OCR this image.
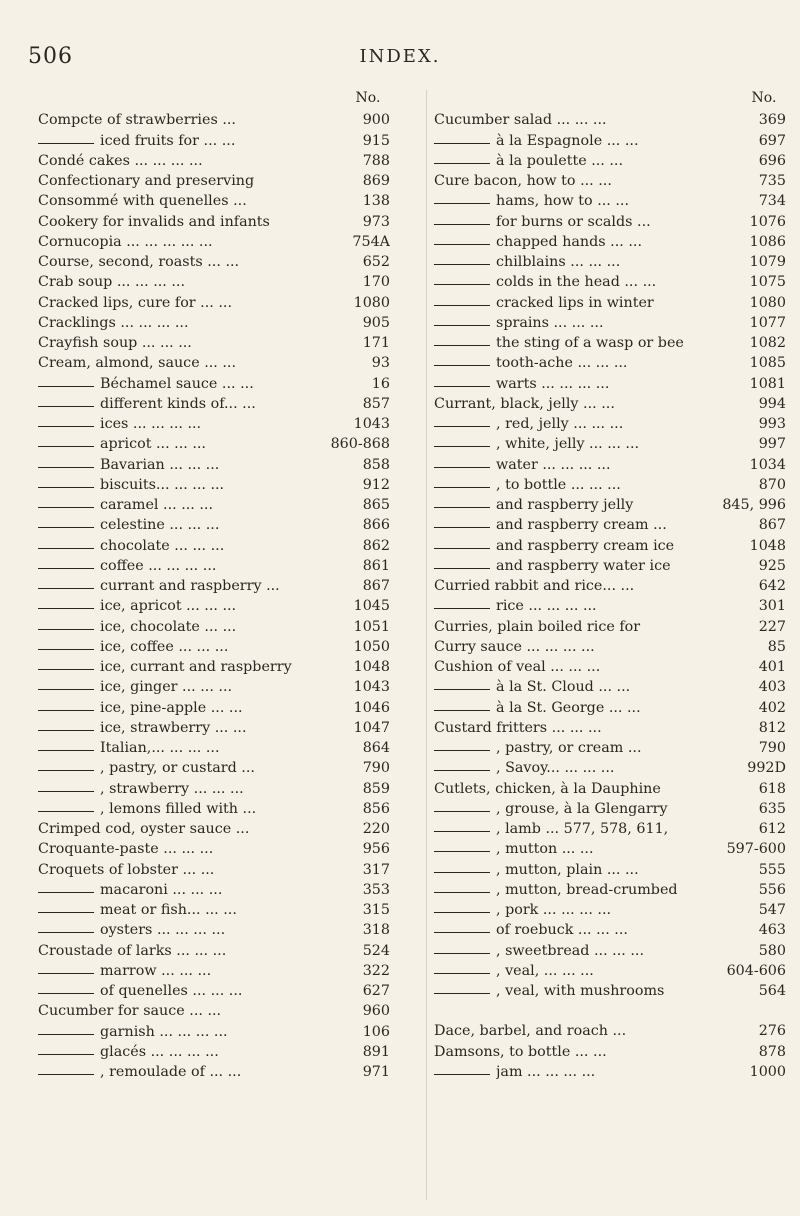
506	INDEX.
No.
Compcte of strawberries ...	900
iced fruits for ... ...	915
Condé cakes ... ... ... ...	788
Confectionary and preserving	869
Consommé with quenelles ...	138
Cookery for invalids and infants	973
Cornucopia ... ... ... ... ...	754A
Course, second, roasts ... ...	652
Crab soup ... ... ... ...	170
Cracked lips, cure for ... ...	1080
Cracklings ... ... ... ...	905
Crayfish soup ... ... ...	171
Cream, almond, sauce ... ...	93
Béchamel sauce ... ...	16
different kinds of... ...	857
ices ... ... ... ...	1043
apricot ... ... ...	860-868
Bavarian ... ... ...	858
biscuits... ... ... ...	912
caramel ... ... ...	865
celestine ... ... ...	866
chocolate ... ... ...	862
coffee ... ... ... ...	861
currant and raspberry ...	867
ice, apricot ... ... ...	1045
ice, chocolate ... ...	1051
ice, coffee ... ... ...	1050
ice, currant and raspberry	1048
ice, ginger ... ... ...	1043
ice, pine-apple ... ...	1046
ice, strawberry ... ...	1047
Italian,... ... ... ...	864
, pastry, or custard ...	790
, strawberry ... ... ...	859
, lemons filled with ...	856
Crimped cod, oyster sauce ...	220
Croquante-paste ... ... ...	956
Croquets of lobster ... ...	317
macaroni ... ... ...	353
meat or fish... ... ...	315
oysters ... ... ... ...	318
Croustade of larks ... ... ...	524
marrow ... ... ...	322
of quenelles ... ... ...	627
Cucumber for sauce ... ...	960
garnish ... ... ... ...	106
glacés ... ... ... ...	891
, remoulade of ... ...	971
No.
Cucumber salad ... ... ...	369
à la Espagnole ... ...	697
à la poulette ... ...	696
Cure bacon, how to ... ...	735
hams, how to ... ...	734
for burns or scalds ...	1076
chapped hands ... ...	1086
chilblains ... ... ...	1079
colds in the head ... ...	1075
cracked lips in winter	1080
sprains ... ... ...	1077
the sting of a wasp or bee	1082
tooth-ache ... ... ...	1085
warts ... ... ... ...	1081
Currant, black, jelly ... ...	994
, red, jelly ... ... ...	993
, white, jelly ... ... ...	997
water ... ... ... ...	1034
, to bottle ... ... ...	870
and raspberry jelly	845, 996
and raspberry cream ...	867
and raspberry cream ice	1048
and raspberry water ice	925
Curried rabbit and rice... ...	642
rice ... ... ... ...	301
Curries, plain boiled rice for	227
Curry sauce ... ... ... ...	85
Cushion of veal ... ... ...	401
à la St. Cloud ... ...	403
à la St. George ... ...	402
Custard fritters ... ... ...	812
, pastry, or cream ...	790
, Savoy... ... ... ...	992D
Cutlets, chicken, à la Dauphine	618
, grouse, à la Glengarry	635
, lamb ... 577, 578, 611,	612
, mutton ... ...	597-600
, mutton, plain ... ...	555
, mutton, bread-crumbed	556
, pork ... ... ... ...	547
of roebuck ... ... ...	463
, sweetbread ... ... ...	580
, veal, ... ... ...	604-606
, veal, with mushrooms	564
Dace, barbel, and roach ...	276
Damsons, to bottle ... ...	878
jam ... ... ... ...	1000
